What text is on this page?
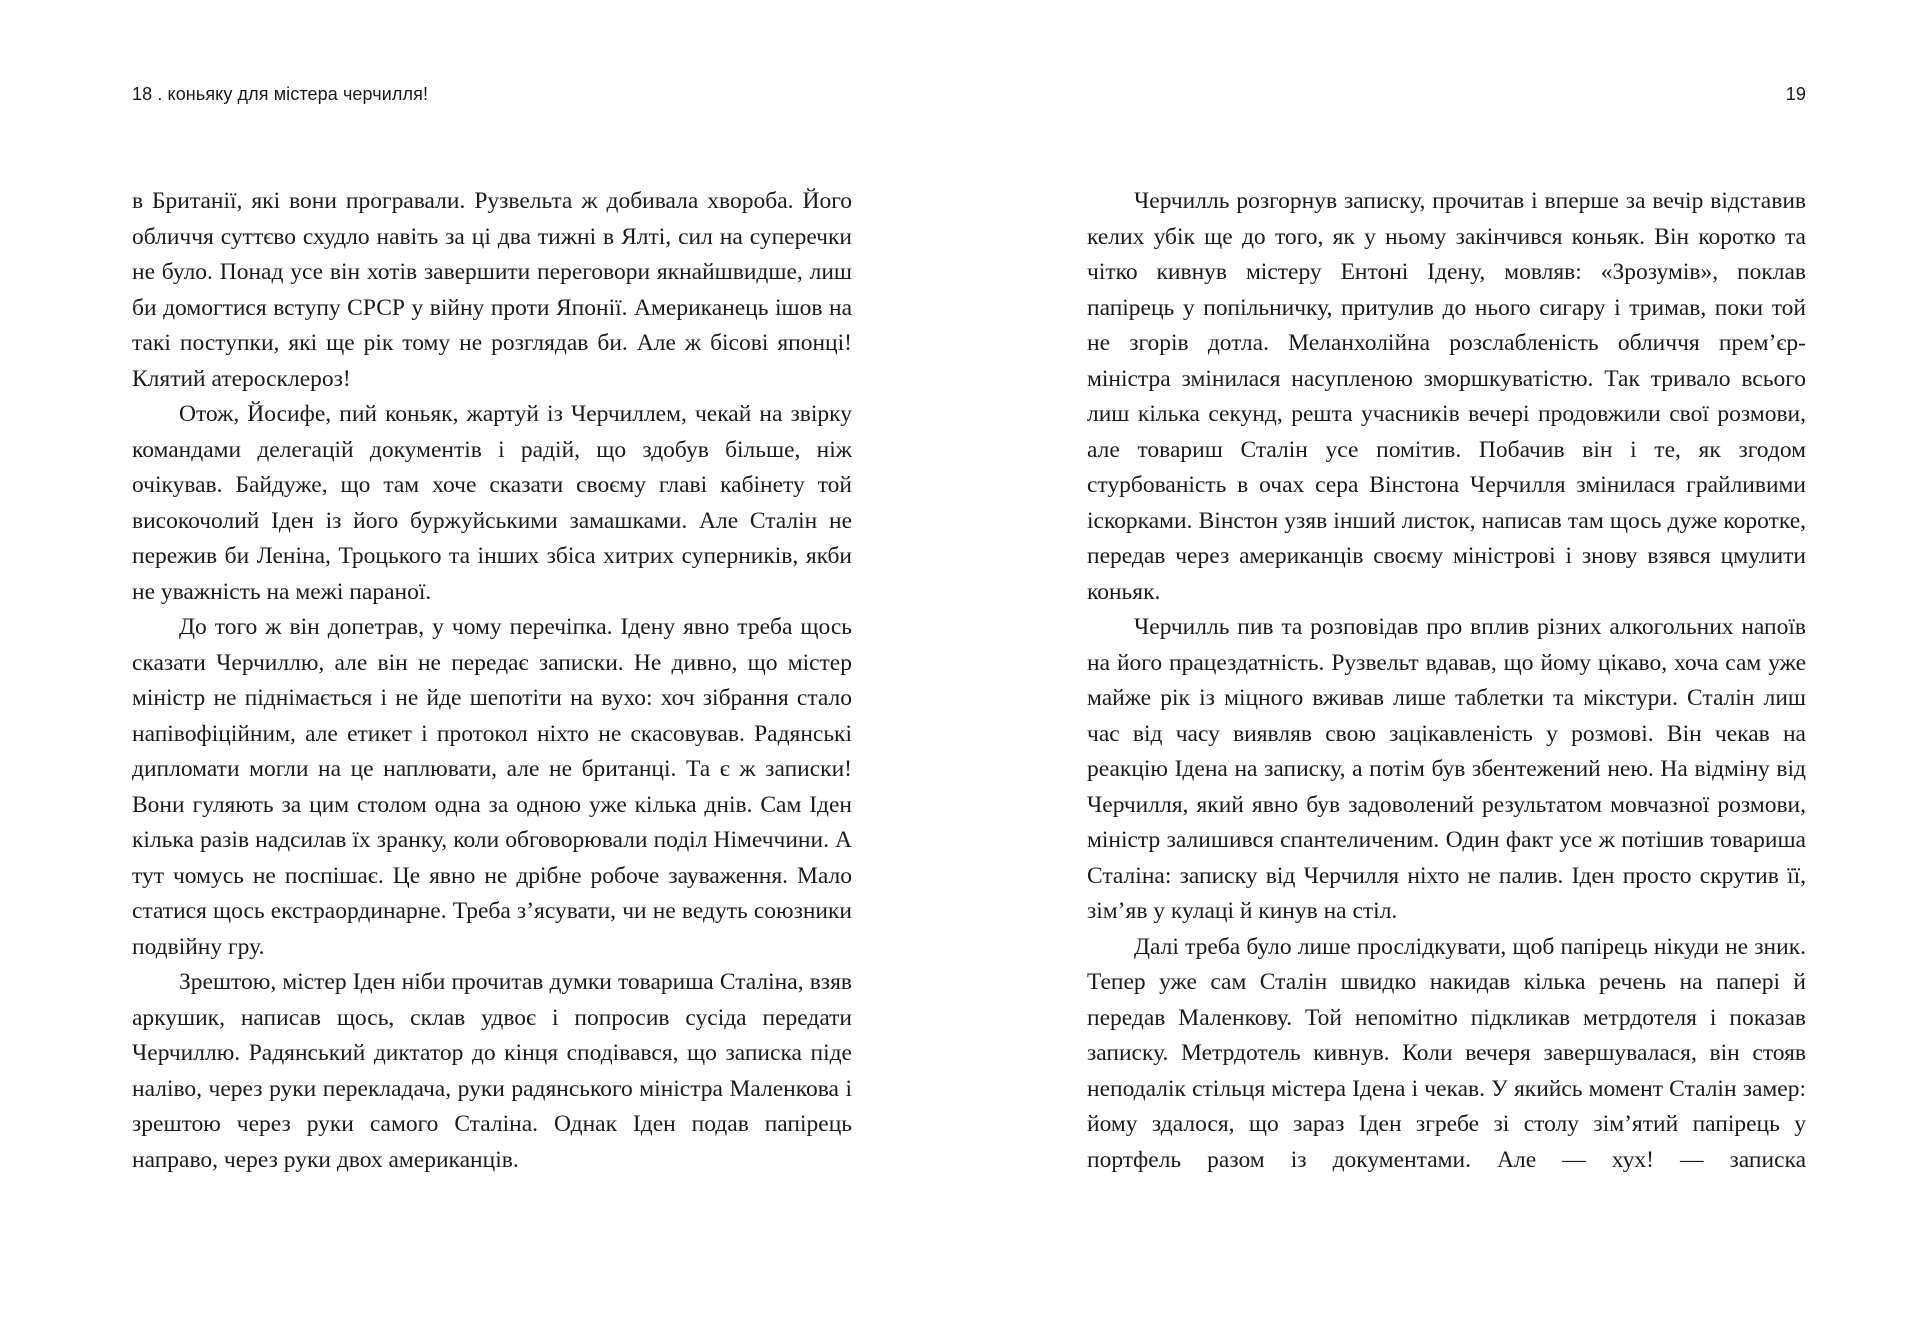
18 . коньяку для містера черчилля!

в Британії, які вони програвали. Рузвельта ж добивала хвороба. Його обличчя суттєво схудло навіть за ці два тижні в Ялті, сил на суперечки не було. Понад усе він хотів завершити переговори якнайшвидше, лиш би домогтися вступу СРСР у війну проти Японії. Американець ішов на такі поступки, які ще рік тому не розглядав би. Але ж бісові японці! Клятий атеросклероз!

Отож, Йосифе, пий коньяк, жартуй із Черчиллем, чекай на звірку командами делегацій документів і радій, що здобув більше, ніж очікував. Байдуже, що там хоче сказати своєму главі кабінету той високочолий Іден із його буржуйськими замашками. Але Сталін не пережив би Леніна, Троцького та інших збіса хитрих суперників, якби не уважність на межі параної.

До того ж він допетрав, у чому перечіпка. Ідену явно треба щось сказати Черчиллю, але він не передає записки. Не дивно, що містер міністр не піднімається і не йде шепотіти на вухо: хоч зібрання стало напівофіційним, але етикет і протокол ніхто не скасовував. Радянські дипломати могли на це наплювати, але не британці. Та є ж записки! Вони гуляють за цим столом одна за одною уже кілька днів. Сам Іден кілька разів надсилав їх зранку, коли обговорювали поділ Німеччини. А тут чомусь не поспішає. Це явно не дрібне робоче зауваження. Мало статися щось екстраординарне. Треба з’ясувати, чи не ведуть союзники подвійну гру.

Зрештою, містер Іден ніби прочитав думки товариша Сталіна, взяв аркушик, написав щось, склав удвоє і попросив сусіда передати Черчиллю. Радянський диктатор до кінця сподівався, що записка піде наліво, через руки перекладача, руки радянського міністра Маленкова і зрештою через руки самого Сталіна. Однак Іден подав папірець направо, через руки двох американців.

19

Черчилль розгорнув записку, прочитав і вперше за вечір відставив келих убік ще до того, як у ньому закінчився коньяк. Він коротко та чітко кивнув містеру Ентоні Ідену, мовляв: «Зрозумів», поклав папірець у попільничку, притулив до нього сигару і тримав, поки той не згорів дотла. Меланхолійна розслабленість обличчя прем’єр-міністра змінилася насупленою зморшкуватістю. Так тривало всього лиш кілька секунд, решта учасників вечері продовжили свої розмови, але товариш Сталін усе помітив. Побачив він і те, як згодом стурбованість в очах сера Вінстона Черчилля змінилася грайливими іскорками. Вінстон узяв інший листок, написав там щось дуже коротке, передав через американців своєму міністрові і знову взявся цмулити коньяк.

Черчилль пив та розповідав про вплив різних алкогольних напоїв на його працездатність. Рузвельт вдавав, що йому цікаво, хоча сам уже майже рік із міцного вживав лише таблетки та мікстури. Сталін лиш час від часу виявляв свою зацікавленість у розмові. Він чекав на реакцію Ідена на записку, а потім був збентежений нею. На відміну від Черчилля, який явно був задоволений результатом мовчазної розмови, міністр залишився спантеличеним. Один факт усе ж потішив товариша Сталіна: записку від Черчилля ніхто не палив. Іден просто скрутив її, зім’яв у кулаці й кинув на стіл.

Далі треба було лише прослідкувати, щоб папірець нікуди не зник. Тепер уже сам Сталін швидко накидав кілька речень на папері й передав Маленкову. Той непомітно підкликав метрдотеля і показав записку. Метрдотель кивнув. Коли вечеря завершувалася, він стояв неподалік стільця містера Ідена і чекав. У якийсь момент Сталін замер: йому здалося, що зараз Іден згребе зі столу зім’ятий папірець у портфель разом із документами. Але — хух! — записка
